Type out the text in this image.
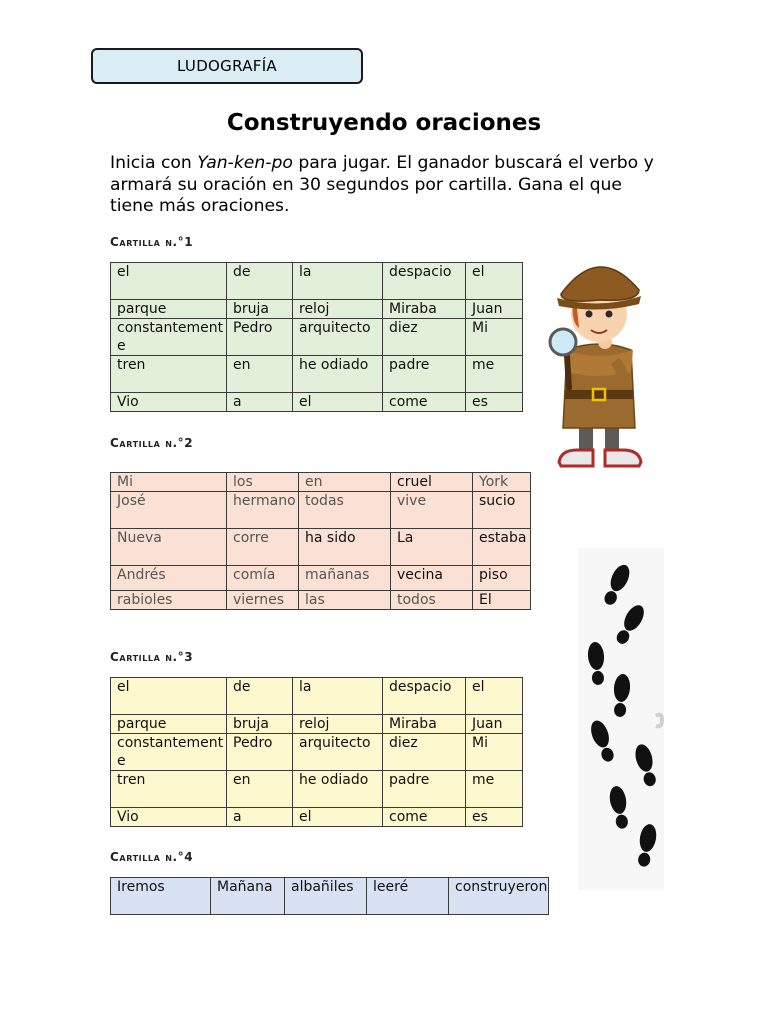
LUDOGRAFÍA
Construyendo oraciones

Inicia con Yan-ken-po para jugar. El ganador buscará el verbo y armará su oración en 30 segundos por cartilla. Gana el que tiene más oraciones.

Cartilla n.°1
el	de	la	despacio	el
parque	bruja	reloj	Miraba	Juan
constantemente	Pedro	arquitecto	diez	Mi
tren	en	he odiado	padre	me
Vio	a	el	come	es
Cartilla n.°2
Mi	los	en	cruel	York
José	hermano	todas	vive	sucio
Nueva	corre	ha sido	La	estaba
Andrés	comía	mañanas	vecina	piso
rabioles	viernes	las	todos	El
Cartilla n.°3
el	de	la	despacio	el
parque	bruja	reloj	Miraba	Juan
constantemente	Pedro	arquitecto	diez	Mi
tren	en	he odiado	padre	me
Vio	a	el	come	es
Cartilla n.°4
Iremos	Mañana	albañiles	leeré	construyeron
